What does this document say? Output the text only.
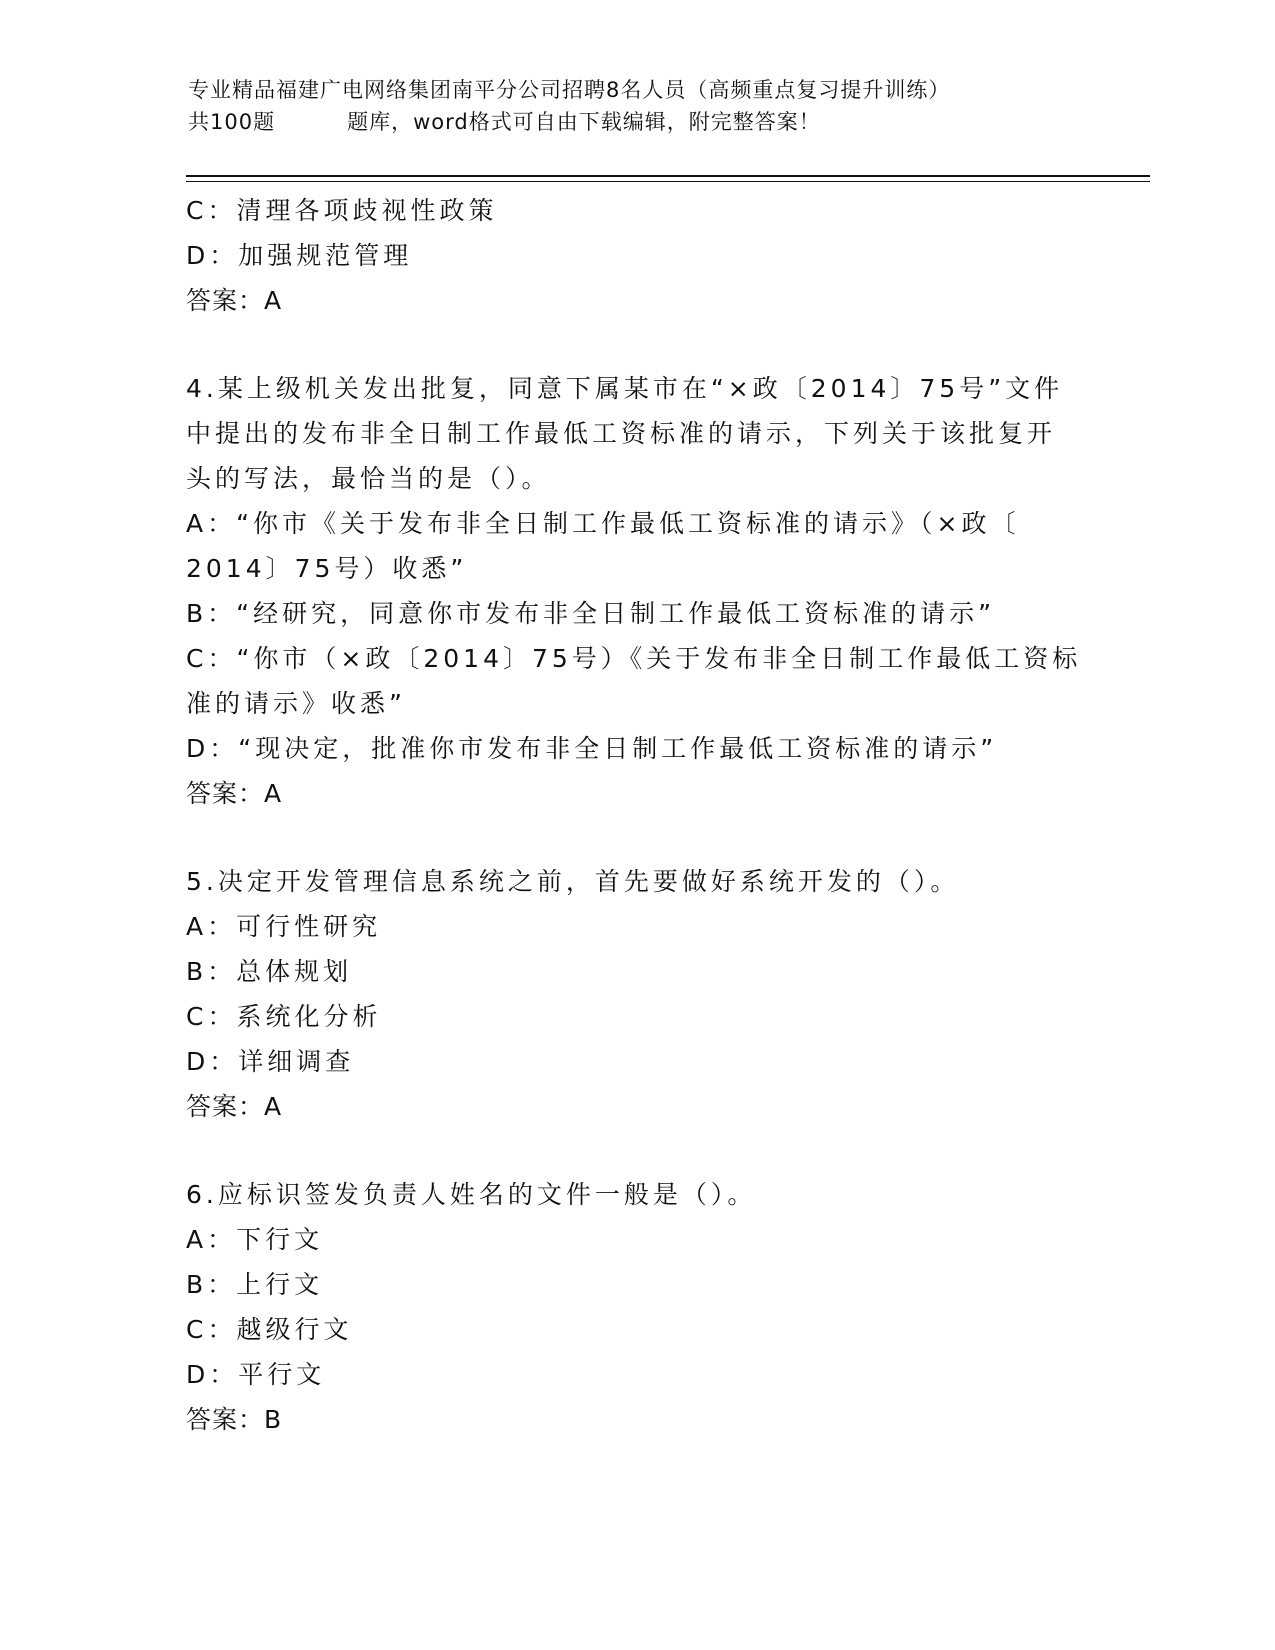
专业精品福建广电网络集团南平分公司招聘8名人员（高频重点复习提升训练）
共100题	题库，word格式可自由下载编辑，附完整答案！
C：清理各项歧视性政策
D：加强规范管理
答案：A
4.某上级机关发出批复，同意下属某市在“×政〔2014〕75号”文件
中提出的发布非全日制工作最低工资标准的请示，下列关于该批复开
头的写法，最恰当的是（）。
A：“你市《关于发布非全日制工作最低工资标准的请示》（×政〔
2014〕75号）收悉”
B：“经研究，同意你市发布非全日制工作最低工资标准的请示”
C：“你市（×政〔2014〕75号）《关于发布非全日制工作最低工资标
准的请示》收悉”
D：“现决定，批准你市发布非全日制工作最低工资标准的请示”
答案：A
5.决定开发管理信息系统之前，首先要做好系统开发的（）。
A：可行性研究
B：总体规划
C：系统化分析
D：详细调查
答案：A
6.应标识签发负责人姓名的文件一般是（）。
A：下行文
B：上行文
C：越级行文
D：平行文
答案：B
